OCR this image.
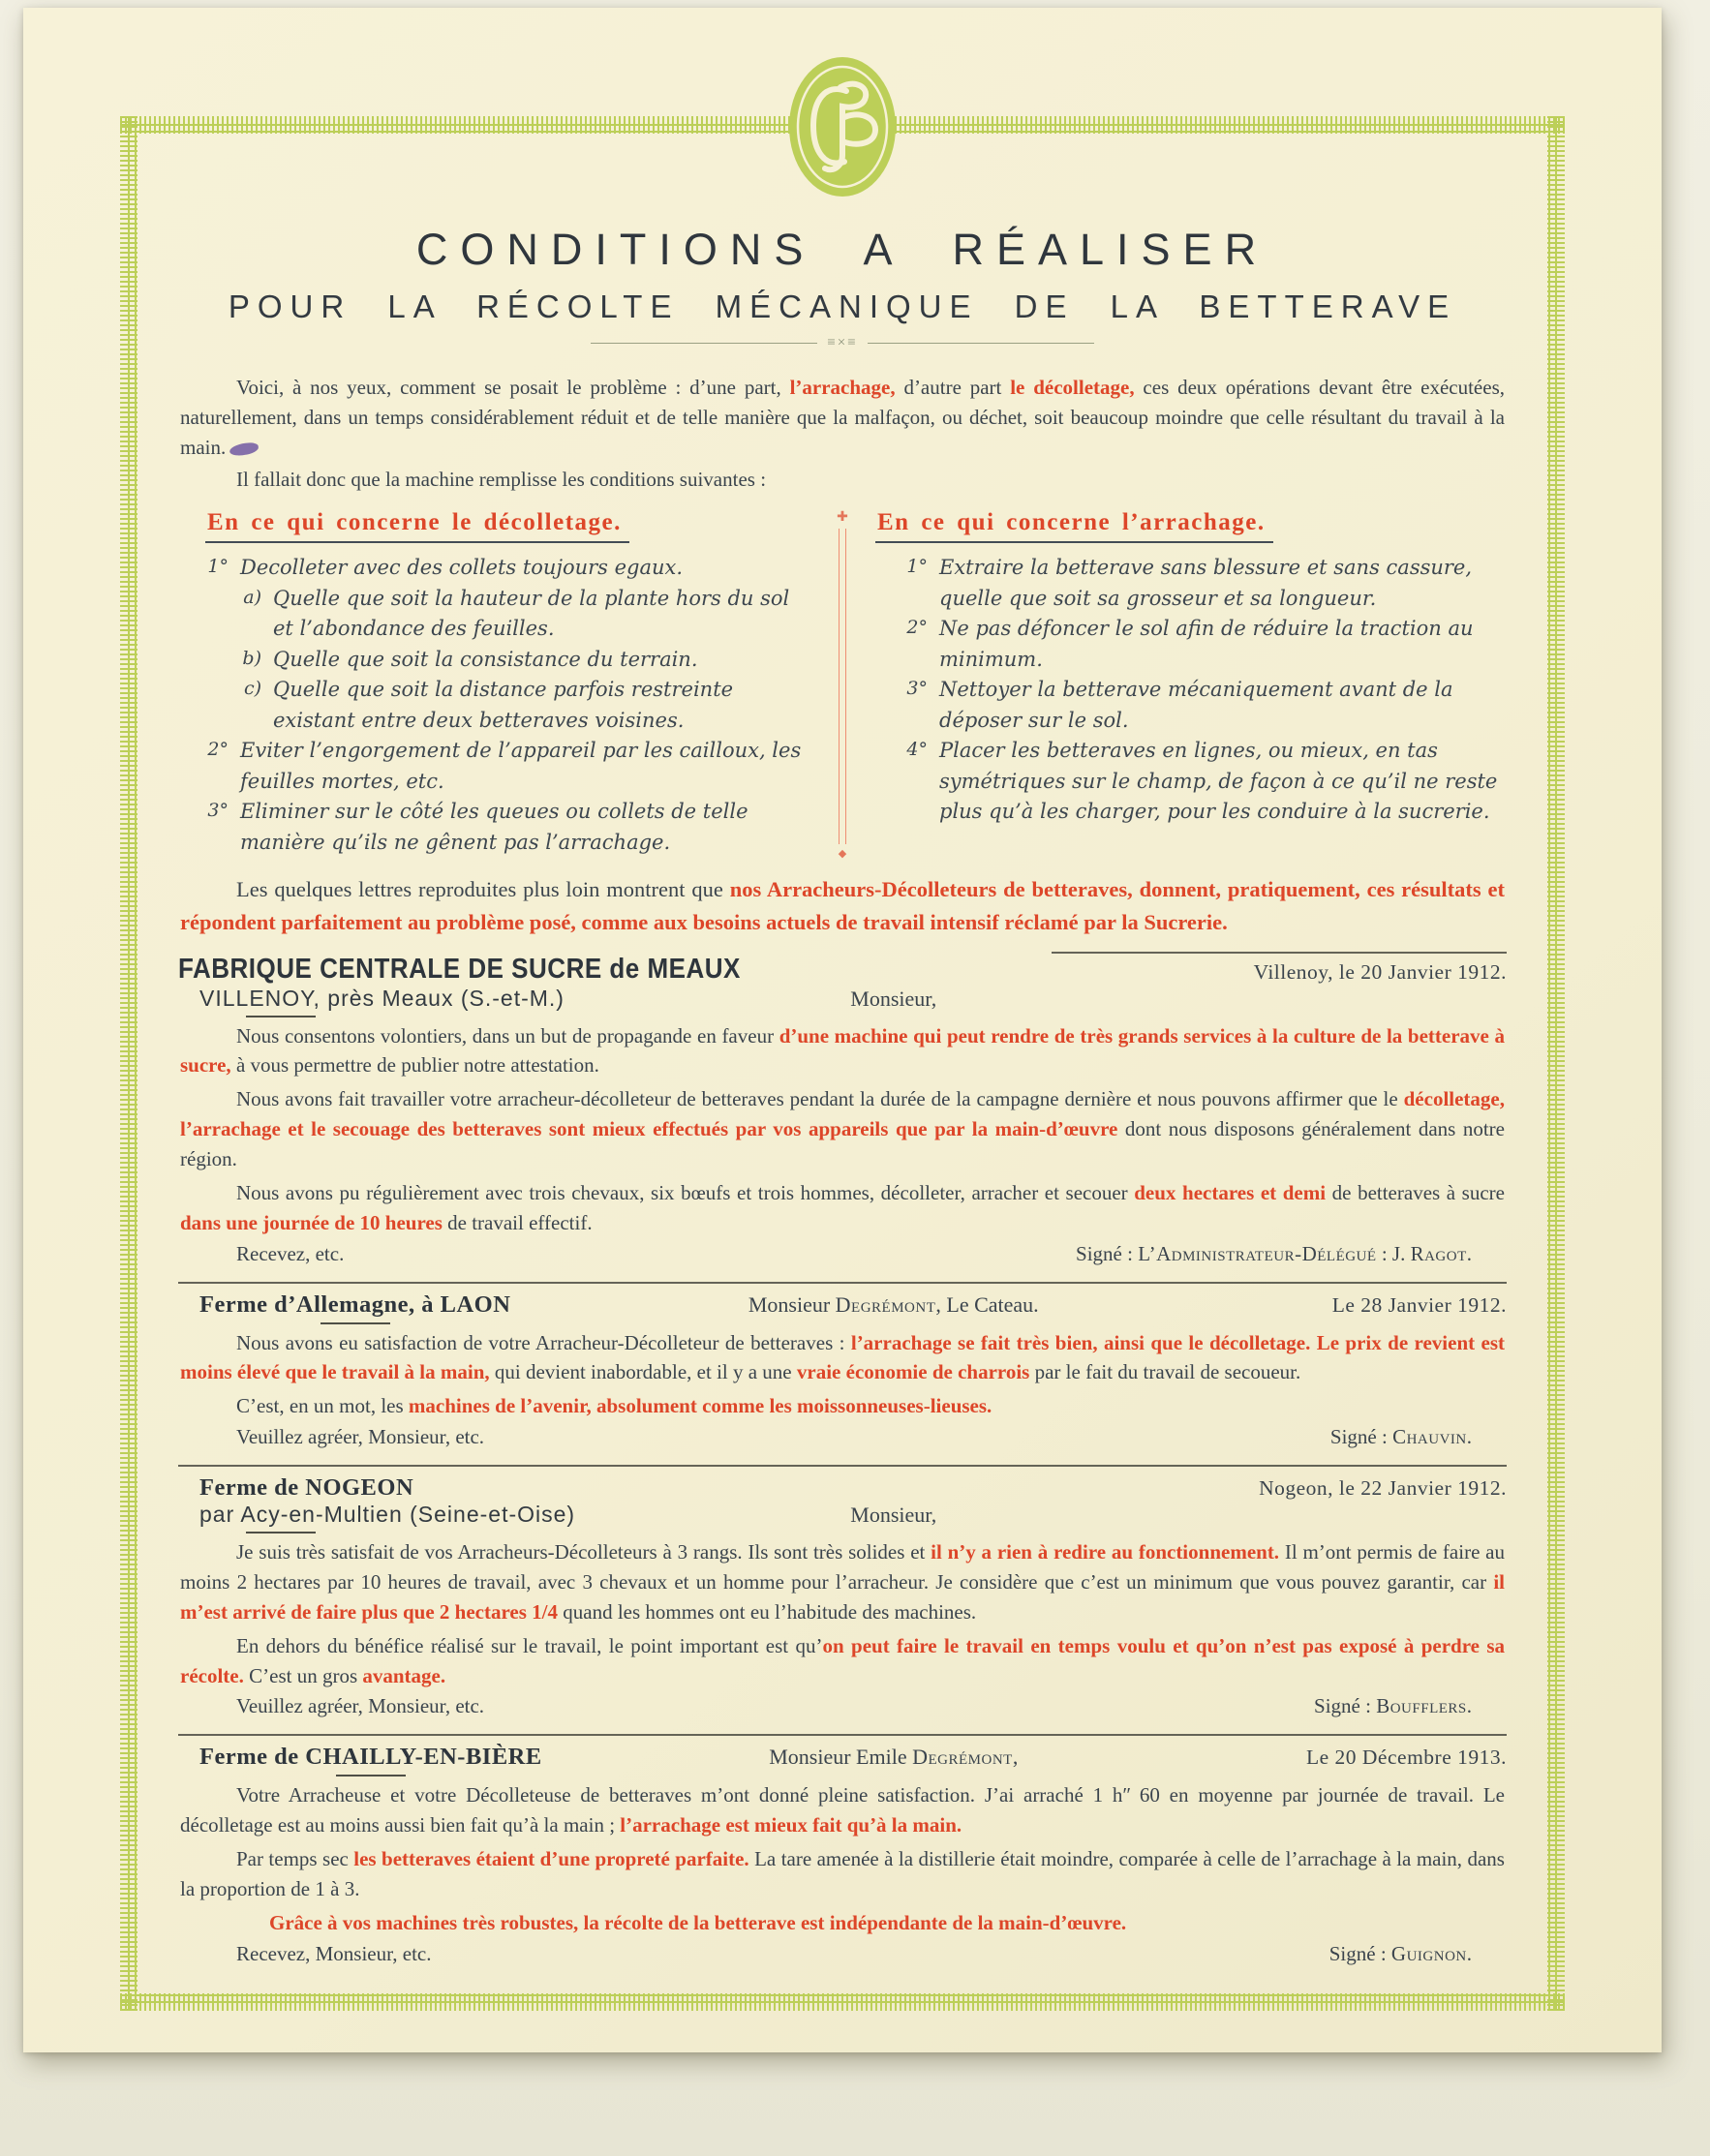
CONDITIONS A RÉALISER
POUR LA RÉCOLTE MÉCANIQUE DE LA BETTERAVE
≡×≡

Voici, à nos yeux, comment se posait le problème : d’une part, l’arrachage, d’autre part le décolletage, ces deux opérations devant être exécutées, naturellement, dans un temps considérablement réduit et de telle manière que la malfaçon, ou déchet, soit beaucoup moindre que celle résultant du travail à la main.

Il fallait donc que la machine remplisse les conditions suivantes :

En ce qui concerne le décolletage.
1° Decolleter avec des collets toujours egaux.
a) Quelle que soit la hauteur de la plante hors du sol et l’abondance des feuilles.
b) Quelle que soit la consistance du terrain.
c) Quelle que soit la distance parfois restreinte existant entre deux betteraves voisines.
2° Eviter l’engorgement de l’appareil par les cailloux, les feuilles mortes, etc.
3° Eliminer sur le côté les queues ou collets de telle manière qu’ils ne gênent pas l’arrachage.
✚
◆
En ce qui concerne l’arrachage.
1° Extraire la betterave sans blessure et sans cassure, quelle que soit sa grosseur et sa longueur.
2° Ne pas défoncer le sol afin de réduire la traction au minimum.
3° Nettoyer la betterave mécaniquement avant de la déposer sur le sol.
4° Placer les betteraves en lignes, ou mieux, en tas symétriques sur le champ, de façon à ce qu’il ne reste plus qu’à les charger, pour les conduire à la sucrerie.

Les quelques lettres reproduites plus loin montrent que nos Arracheurs-Décolleteurs de betteraves, donnent, pratiquement, ces résultats et répondent parfaitement au problème posé, comme aux besoins actuels de travail intensif réclamé par la Sucrerie.

FABRIQUE CENTRALE DE SUCRE de MEAUX	Villenoy, le 20 Janvier 1912.
VILLENOY, près Meaux (S.-et-M.)	Monsieur,

Nous consentons volontiers, dans un but de propagande en faveur d’une machine qui peut rendre de très grands services à la culture de la betterave à sucre, à vous permettre de publier notre attestation.

Nous avons fait travailler votre arracheur-décolleteur de betteraves pendant la durée de la campagne dernière et nous pouvons affirmer que le décolletage, l’arrachage et le secouage des betteraves sont mieux effectués par vos appareils que par la main-d’œuvre dont nous disposons généralement dans notre région.

Nous avons pu régulièrement avec trois chevaux, six bœufs et trois hommes, décolleter, arracher et secouer deux hectares et demi de betteraves à sucre dans une journée de 10 heures de travail effectif.

Recevez, etc.	Signé : L’Administrateur-Délégué : J. Ragot.
Ferme d’Allemagne, à LAON	Monsieur Degrémont, Le Cateau.	Le 28 Janvier 1912.

Nous avons eu satisfaction de votre Arracheur-Décolleteur de betteraves : l’arrachage se fait très bien, ainsi que le décolletage. Le prix de revient est moins élevé que le travail à la main, qui devient inabordable, et il y a une vraie économie de charrois par le fait du travail de secoueur.

C’est, en un mot, les machines de l’avenir, absolument comme les moissonneuses-lieuses.

Veuillez agréer, Monsieur, etc.	Signé : Chauvin.
Ferme de NOGEON	Nogeon, le 22 Janvier 1912.
par Acy-en-Multien (Seine-et-Oise)	Monsieur,

Je suis très satisfait de vos Arracheurs-Décolleteurs à 3 rangs. Ils sont très solides et il n’y a rien à redire au fonctionnement. Il m’ont permis de faire au moins 2 hectares par 10 heures de travail, avec 3 chevaux et un homme pour l’arracheur. Je considère que c’est un minimum que vous pouvez garantir, car il m’est arrivé de faire plus que 2 hectares 1/4 quand les hommes ont eu l’habitude des machines.

En dehors du bénéfice réalisé sur le travail, le point important est qu’on peut faire le travail en temps voulu et qu’on n’est pas exposé à perdre sa récolte. C’est un gros avantage.

Veuillez agréer, Monsieur, etc.	Signé : Boufflers.
Ferme de CHAILLY-EN-BIÈRE	Monsieur Emile Degrémont,	Le 20 Décembre 1913.

Votre Arracheuse et votre Décolleteuse de betteraves m’ont donné pleine satisfaction. J’ai arraché 1 hʺ 60 en moyenne par journée de travail. Le décolletage est au moins aussi bien fait qu’à la main ; l’arrachage est mieux fait qu’à la main.

Par temps sec les betteraves étaient d’une propreté parfaite. La tare amenée à la distillerie était moindre, comparée à celle de l’arrachage à la main, dans la proportion de 1 à 3.

Grâce à vos machines très robustes, la récolte de la betterave est indépendante de la main-d’œuvre.

Recevez, Monsieur, etc.	Signé : Guignon.
